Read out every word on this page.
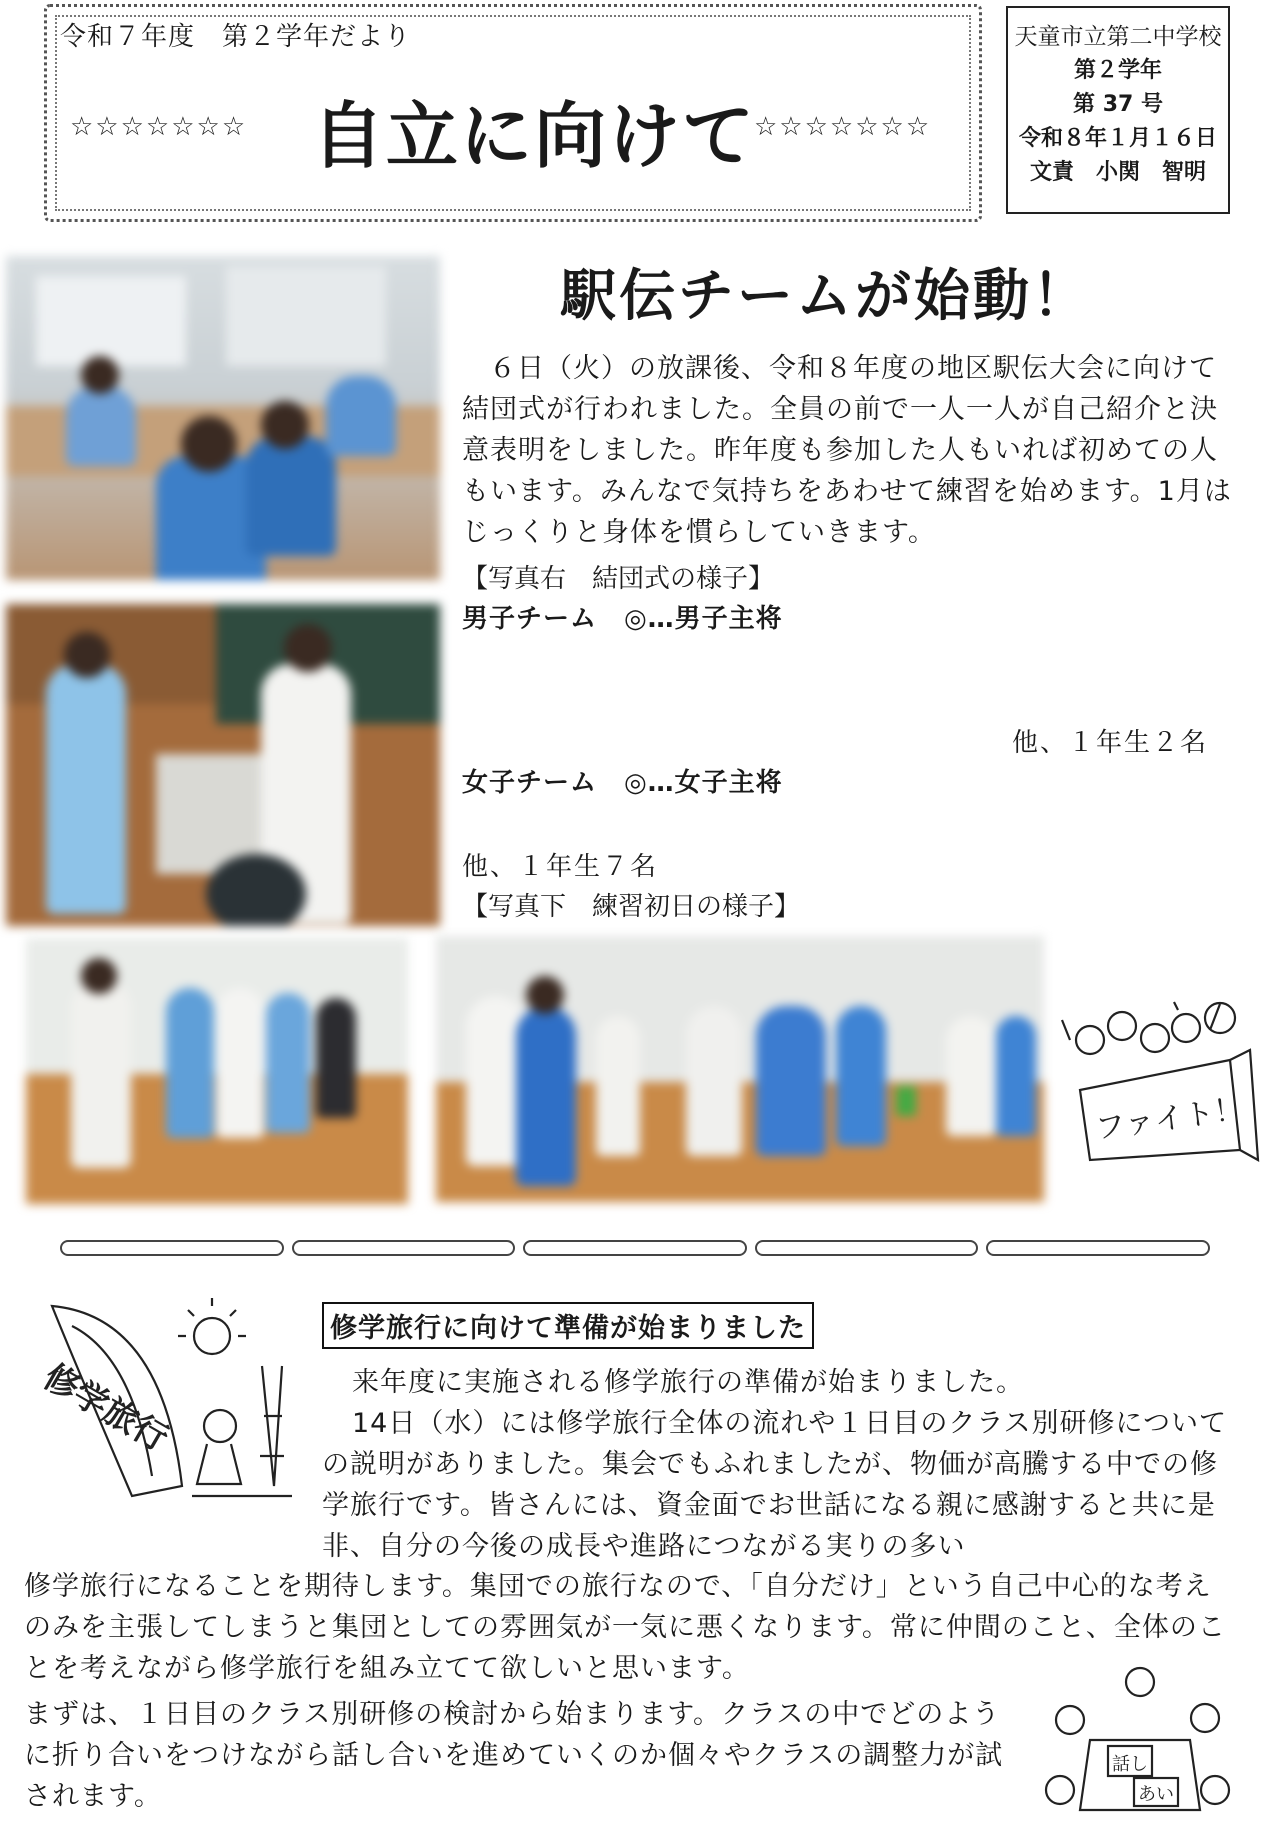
令和７年度　第２学年だより
☆☆☆☆☆☆☆ 自立に向けて
☆☆☆☆☆☆☆
天童市立第二中学校
第２学年
第 37 号
令和８年１月１６日
文責　小関　智明
ファイト！
駅伝チームが始動！
６日（火）の放課後、令和８年度の地区駅伝大会に向けて結団式が行われました。全員の前で一人一人が自己紹介と決意表明をしました。昨年度も参加した人もいれば初めての人もいます。みんなで気持ちをあわせて練習を始めます。1月はじっくりと身体を慣らしていきます。
【写真右　結団式の様子】
男子チーム　◎…男子主将
他、１年生２名
女子チーム　◎…女子主将
他、１年生７名
【写真下　練習初日の様子】
修学旅行
修学旅行に向けて準備が始まりました
来年度に実施される修学旅行の準備が始まりました。
14日（水）には修学旅行全体の流れや１日目のクラス別研修についての説明がありました。集会でもふれましたが、物価が高騰する中での修学旅行です。皆さんには、資金面でお世話になる親に感謝すると共に是非、自分の今後の成長や進路につながる実りの多い
修学旅行になることを期待します。集団での旅行なので、「自分だけ」という自己中心的な考えのみを主張してしまうと集団としての雰囲気が一気に悪くなります。常に仲間のこと、全体のことを考えながら修学旅行を組み立てて欲しいと思います。
まずは、１日目のクラス別研修の検討から始まります。クラスの中でどのように折り合いをつけながら話し合いを進めていくのか個々やクラスの調整力が試されます。
話し
あい
